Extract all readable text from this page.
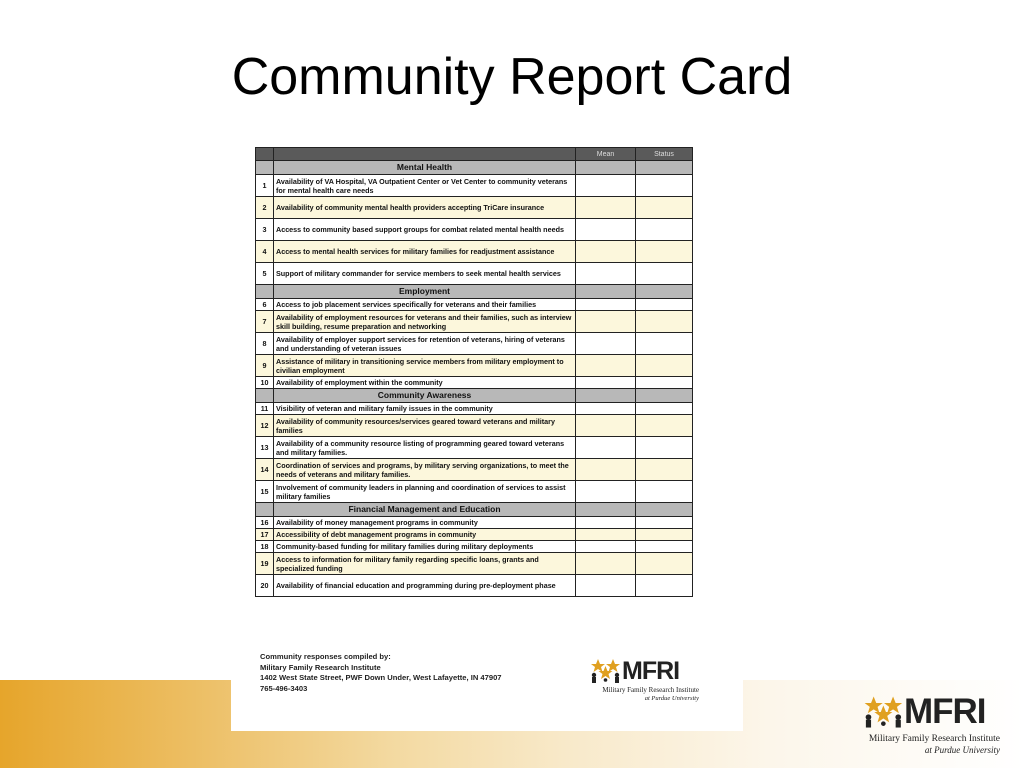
Community Report Card
		Mean	Status
	Mental Health		
1	Availability of VA Hospital, VA Outpatient Center or Vet Center to community veterans for mental health care needs		
2	Availability of community mental health providers accepting TriCare insurance		
3	Access to community based support groups for combat related mental health needs		
4	Access to mental health services for military families for readjustment assistance		
5	Support of military commander for service members to seek mental health services		
	Employment		
6	Access to job placement services specifically for veterans and their families		
7	Availability of employment resources for veterans and their families, such as interview skill building, resume preparation and networking		
8	Availability of employer support services for retention of veterans, hiring of veterans and understanding of veteran issues		
9	Assistance of military in transitioning service members from military employment to civilian employment		
10	Availability of employment within the community		
	Community Awareness		
11	Visibility of veteran and military family issues in the community		
12	Availability of community resources/services geared toward veterans and military families		
13	Availability of a community resource listing of programming geared toward veterans and military families.		
14	Coordination of services and programs, by military serving organizations, to meet the needs of veterans and military families.		
15	Involvement of community leaders in planning and coordination of services to assist military families		
	Financial Management and Education		
16	Availability of money management programs in community		
17	Accessibility of debt management programs in community		
18	Community-based funding for military families during military deployments		
19	Access to information for military family regarding specific loans, grants and specialized funding		
20	Availability of financial education and programming during pre-deployment phase		
Community responses compiled by:
Military Family Research Institute
1402 West State Street, PWF Down Under, West Lafayette, IN 47907
765-496-3403
MFRI
Military Family Research Institute
at Purdue University	MFRI
Military Family Research Institute
at Purdue University
